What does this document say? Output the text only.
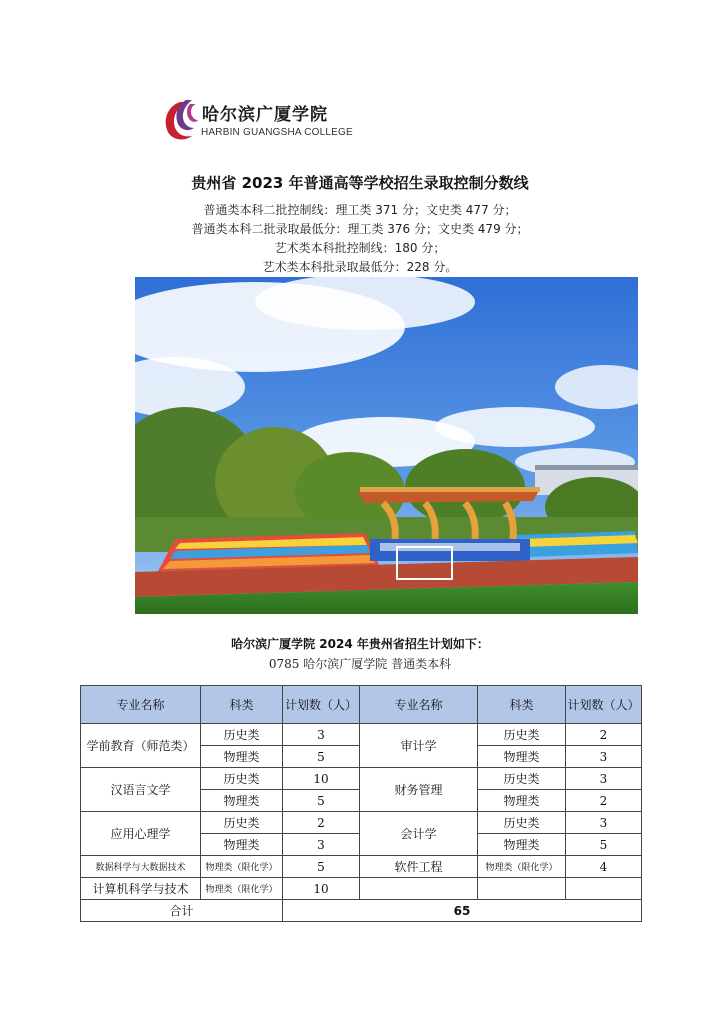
哈尔滨广厦学院
HARBIN GUANGSHA COLLEGE
贵州省 2023 年普通高等学校招生录取控制分数线
普通类本科二批控制线：理工类 371 分；文史类 477 分；
普通类本科二批录取最低分：理工类 376 分；文史类 479 分；
艺术类本科批控制线：180 分；
艺术类本科批录取最低分：228 分。
哈尔滨广厦学院 2024 年贵州省招生计划如下：
0785 哈尔滨广厦学院 普通类本科
专业名称	科类	计划数（人）	专业名称	科类	计划数（人）
学前教育（师范类）	历史类	3	审计学	历史类	2
	物理类	5		物理类	3
汉语言文学	历史类	10	财务管理	历史类	3
	物理类	5		物理类	2
应用心理学	历史类	2	会计学	历史类	3
	物理类	3		物理类	5
数据科学与大数据技术	物理类（限化学）	5	软件工程	物理类（限化学）	4
计算机科学与技术	物理类（限化学）	10			
合计		65			
